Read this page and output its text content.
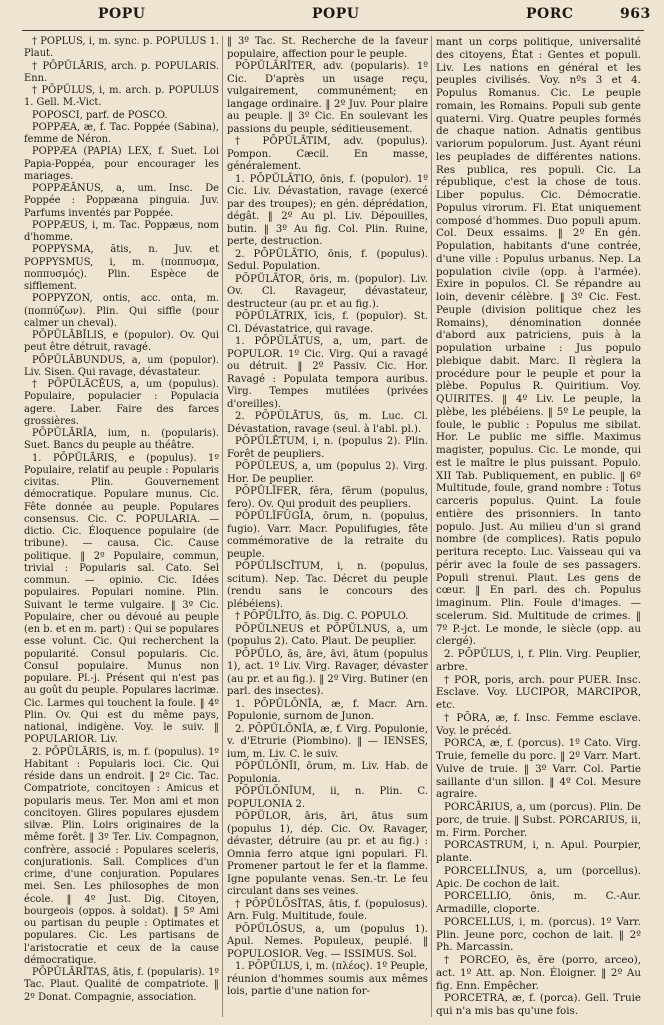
POPU	POPU	PORC	963
† POPLUS, i, m. sync. p. POPULUS 1. Plaut.
† PŌPŬLĀRIS, arch. p. POPULARIS. Enn.
† PŌPŬLUS, i, m. arch. p. POPULUS 1. Gell. M.-Vict.
POPOSCI, parf. de POSCO.
POPPÆA, æ, f. Tac. Poppée (Sabina), femme de Néron.
POPPÆA (PAPIA) LEX, f. Suet. Loi Papia-Poppéa, pour encourager les mariages.
POPPÆĀNUS, a, um. Insc. De Poppée : Poppæana pinguia. Juv. Parfums inventés par Poppée.
POPPÆUS, i, m. Tac. Poppæus, nom d'homme.
POPPYSMA, ătis, n. Juv. et POPPYSMUS, i, m. (ποππυσμα, ποππυσμός). Plin. Espèce de sifflement.
POPPYZON, ontis, acc. onta, m. (ποππύζων). Plin. Qui siffle (pour calmer un cheval).
PŌPŬLĀBĬLIS, e (populor). Ov. Qui peut être détruit, ravagé.
PŌPŬLĀBUNDUS, a, um (populor). Liv. Sisen. Qui ravage, dévastateur.
† PŌPŬLĀCĔUS, a, um (populus). Populaire, populacier : Populacia agere. Laber. Faire des farces grossières.
PŌPŬLĀRĬA, ium, n. (popularis). Suet. Bancs du peuple au théâtre.
1. PŌPŬLĀRIS, e (populus). 1º Populaire, relatif au peuple : Popularis civitas. Plin. Gouvernement démocratique. Populare munus. Cic. Fête donnée au peuple. Populares consensus. Cic. C. POPULARIA. — dictio. Cic. Éloquence populaire (de tribune). — causa. Cic. Cause politique. ‖ 2º Populaire, commun, trivial : Popularis sal. Cato. Sel commun. — opinio. Cic. Idées populaires. Populari nomine. Plin. Suivant le terme vulgaire. ‖ 3º Cic. Populaire, cher ou dévoué au peuple (en b. et en m. part) : Qui se populares esse volunt. Cic. Qui recherchent la popularité. Consul popularis. Cic. Consul populaire. Munus non populare. Pl.-j. Présent qui n'est pas au goût du peuple. Populares lacrimæ. Cic. Larmes qui touchent la foule. ‖ 4º Plin. Ov. Qui est du même pays, national, indigène. Voy. le suiv. ‖ POPULARIOR. Liv.
2. PŌPŬLĀRIS, is, m. f. (populus). 1º Habitant : Popularis loci. Cic. Qui réside dans un endroit. ‖ 2º Cic. Tac. Compatriote, concitoyen : Amicus et popularis meus. Ter. Mon ami et mon concitoyen. Glires populares ejusdem silvæ. Plin. Loirs originaires de la même forêt. ‖ 3º Ter. Liv. Compagnon, confrère, associé : Populares sceleris, conjurationis. Sall. Complices d'un crime, d'une conjuration. Populares mei. Sen. Les philosophes de mon école. ‖ 4º Just. Dig. Citoyen, bourgeois (oppos. à soldat). ‖ 5º Ami ou partisan du peuple : Optimates et populares. Cic. Les partisans de l'aristocratie et ceux de la cause démocratique.
PŌPŬLĀRĬTAS, ātis, f. (popularis). 1º Tac. Plaut. Qualité de compatriote. ‖ 2º Donat. Compagnie, association.
‖ 3º Tac. St. Recherche de la faveur populaire, affection pour le peuple.
PŌPŬLĀRĬTER, adv. (popularis). 1º Cic. D'après un usage reçu, vulgairement, communément; en langage ordinaire. ‖ 2º Juv. Pour plaire au peuple. ‖ 3º Cic. En soulevant les passions du peuple, séditieusement.
† PŌPŬLĀTIM, adv. (populus). Pompon. Cæcil. En masse, généralement.
1. PŌPŬLĀTIO, ōnis, f. (populor). 1º Cic. Liv. Dévastation, ravage (exercé par des troupes); en gén. déprédation, dégât. ‖ 2º Au pl. Liv. Dépouilles, butin. ‖ 3º Au fig. Col. Plin. Ruine, perte, destruction.
2. PŌPŬLĀTIO, ōnis, f. (populus). Sedul. Population.
PŌPŬLĀTOR, ōris, m. (populor). Liv. Ov. Cl. Ravageur, dévastateur, destructeur (au pr. et au fig.).
PŌPŬLĀTRIX, īcis, f. (populor). St. Cl. Dévastatrice, qui ravage.
1. PŌPŬLĀTUS, a, um, part. de POPULOR. 1º Cic. Virg. Qui a ravagé ou détruit. ‖ 2º Passiv. Cic. Hor. Ravagé : Populata tempora auribus. Virg. Tempes mutilées (privées d'oreilles).
2. PŌPŬLĀTUS, ūs, m. Luc. Cl. Dévastation, ravage (seul. à l'abl. pl.).
PŌPŬLĒTUM, i, n. (populus 2). Plin. Forêt de peupliers.
PŌPŬLEUS, a, um (populus 2). Virg. Hor. De peuplier.
PŌPŬLĬFER, fĕra, fĕrum (populus, fero). Ov. Qui produit des peupliers.
PŌPŬLĬFŪGĬA, ōrum, n. (populus, fugio). Varr. Macr. Populifugies, fête commémorative de la retraite du peuple.
PŌPŬLĬSCĪTUM, i, n. (populus, scitum). Nep. Tac. Décret du peuple (rendu sans le concours des plébéiens).
† PŌPŬLĬTO, ās. Dig. C. POPULO.
PŌPŬLNEUS et PŌPŬLNUS, a, um (populus 2). Cato. Plaut. De peuplier.
PŌPŬLO, ās, āre, āvi, ātum (populus 1), act. 1º Liv. Virg. Ravager, dévaster (au pr. et au fig.). ‖ 2º Virg. Butiner (en parl. des insectes).
1. PŌPŬLŌNĬA, æ, f. Macr. Arn. Populonie, surnom de Junon.
2. PŌPŬLŌNĬA, æ, f. Virg. Populonie, v. d'Etrurie (Piombino). ‖ — IENSES, ium, m. Liv. C. le suiv.
PŌPŬLŌNĬI, ōrum, m. Liv. Hab. de Populonia.
PŌPŬLŌNĬUM, ii, n. Plin. C. POPULONIA 2.
PŌPŬLOR, āris, āri, ātus sum (populus 1), dép. Cic. Ov. Ravager, dévaster, détruire (au pr. et au fig.) : Omnia ferro atque igni populari. Fl. Promener partout le fer et la flamme. Igne populante venas. Sen.-tr. Le feu circulant dans ses veines.
† PŌPŬLŌSĬTAS, ātis, f. (populosus). Arn. Fulg. Multitude, foule.
PŌPŬLŌSUS, a, um (populus 1). Apul. Nemes. Populeux, peuplé. ‖ POPULOSIOR. Veg. — ISSIMUS. Sol.
1. PŌPŬLUS, i, m. (πλέος). 1º Peuple, réunion d'hommes soumis aux mêmes lois, partie d'une nation for-
mant un corps politique, universalité des citoyens, État : Gentes et populi. Liv. Les nations en général et les peuples civilisés. Voy. nºs 3 et 4. Populus Romanus. Cic. Le peuple romain, les Romains. Populi sub gente quaterni. Virg. Quatre peuples formés de chaque nation. Adnatis gentibus variorum populorum. Just. Ayant réuni les peuplades de différentes nations. Res publica, res populi. Cic. La république, c'est la chose de tous. Liber populus. Cic. Démocratie. Populus virorum. Fl. Etat uniquement composé d'hommes. Duo populi apum. Col. Deux essaims. ‖ 2º En gén. Population, habitants d'une contrée, d'une ville : Populus urbanus. Nep. La population civile (opp. à l'armée). Exire in populos. Cl. Se répandre au loin, devenir célèbre. ‖ 3º Cic. Fest. Peuple (division politique chez les Romains), dénomination donnée d'abord aux patriciens, puis à la population urbaine : Jus populo plebique dabit. Marc. Il règlera la procédure pour le peuple et pour la plèbe. Populus R. Quiritium. Voy. QUIRITES. ‖ 4º Liv. Le peuple, la plèbe, les plébéiens. ‖ 5º Le peuple, la foule, le public : Populus me sibilat. Hor. Le public me siffle. Maximus magister, populus. Cic. Le monde, qui est le maître le plus puissant. Populo. XII Tab. Publiquement, en public. ‖ 6º Multitude, foule, grand nombre : Totus carceris populus. Quint. La foule entière des prisonniers. In tanto populo. Just. Au milieu d'un si grand nombre (de complices). Ratis populo peritura recepto. Luc. Vaisseau qui va périr avec la foule de ses passagers. Populi strenui. Plaut. Les gens de cœur. ‖ En parl. des ch. Populus imaginum. Plin. Foule d'images. — scelerum. Sid. Multitude de crimes. ‖ 7º P.-jct. Le monde, le siècle (opp. au clergé).
2. PŌPŬLUS, i, f. Plin. Virg. Peuplier, arbre.
† POR, poris, arch. pour PUER. Insc. Esclave. Voy. LUCIPOR, MARCIPOR, etc.
† PŌRA, æ, f. Insc. Femme esclave. Voy. le précéd.
PORCA, æ, f. (porcus). 1º Cato. Virg. Truie, femelle du porc. ‖ 2º Varr. Mart. Vulve de truie. ‖ 3º Varr. Col. Partie saillante d'un sillon. ‖ 4º Col. Mesure agraire.
PORCĀRIUS, a, um (porcus). Plin. De porc, de truie. ‖ Subst. PORCARIUS, ii, m. Firm. Porcher.
PORCASTRUM, i, n. Apul. Pourpier, plante.
PORCELLĪNUS, a, um (porcellus). Apic. De cochon de lait.
PORCELLIO, ōnis, m. C.-Aur. Armadille, cloporte.
PORCELLUS, i, m. (porcus). 1º Varr. Plin. Jeune porc, cochon de lait. ‖ 2º Ph. Marcassin.
† PORCEO, ēs, ēre (porro, arceo), act. 1º Att. ap. Non. Éloigner. ‖ 2º Au fig. Enn. Empêcher.
PORCETRA, æ, f. (porca). Gell. Truie qui n'a mis bas qu'une fois.
